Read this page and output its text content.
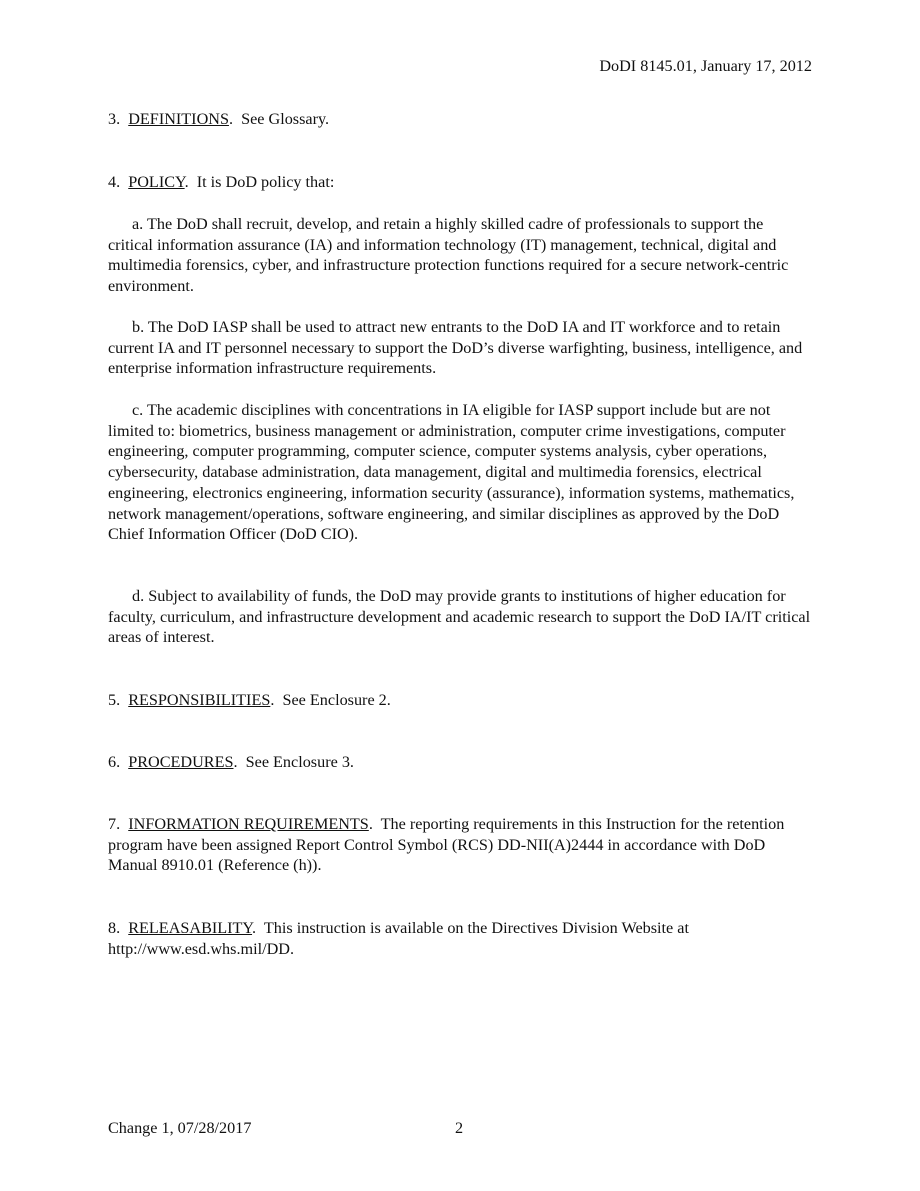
DoDI 8145.01, January 17, 2012

3. DEFINITIONS.  See Glossary.

4. POLICY.  It is DoD policy that:

a. The DoD shall recruit, develop, and retain a highly skilled cadre of professionals to support the critical information assurance (IA) and information technology (IT) management, technical, digital and multimedia forensics, cyber, and infrastructure protection functions required for a secure network-centric environment.

b. The DoD IASP shall be used to attract new entrants to the DoD IA and IT workforce and to retain current IA and IT personnel necessary to support the DoD’s diverse warfighting, business, intelligence, and enterprise information infrastructure requirements.

c. The academic disciplines with concentrations in IA eligible for IASP support include but are not limited to: biometrics, business management or administration, computer crime investigations, computer engineering, computer programming, computer science, computer systems analysis, cyber operations, cybersecurity, database administration, data management, digital and multimedia forensics, electrical engineering, electronics engineering, information security (assurance), information systems, mathematics, network management/operations, software engineering, and similar disciplines as approved by the DoD Chief Information Officer (DoD CIO).

d. Subject to availability of funds, the DoD may provide grants to institutions of higher education for faculty, curriculum, and infrastructure development and academic research to support the DoD IA/IT critical areas of interest.

5. RESPONSIBILITIES.  See Enclosure 2.

6. PROCEDURES.  See Enclosure 3.

7. INFORMATION REQUIREMENTS.  The reporting requirements in this Instruction for the retention program have been assigned Report Control Symbol (RCS) DD-NII(A)2444 in accordance with DoD Manual 8910.01 (Reference (h)).

8. RELEASABILITY.  This instruction is available on the Directives Division Website at http://www.esd.whs.mil/DD.

Change 1, 07/28/2017	2
